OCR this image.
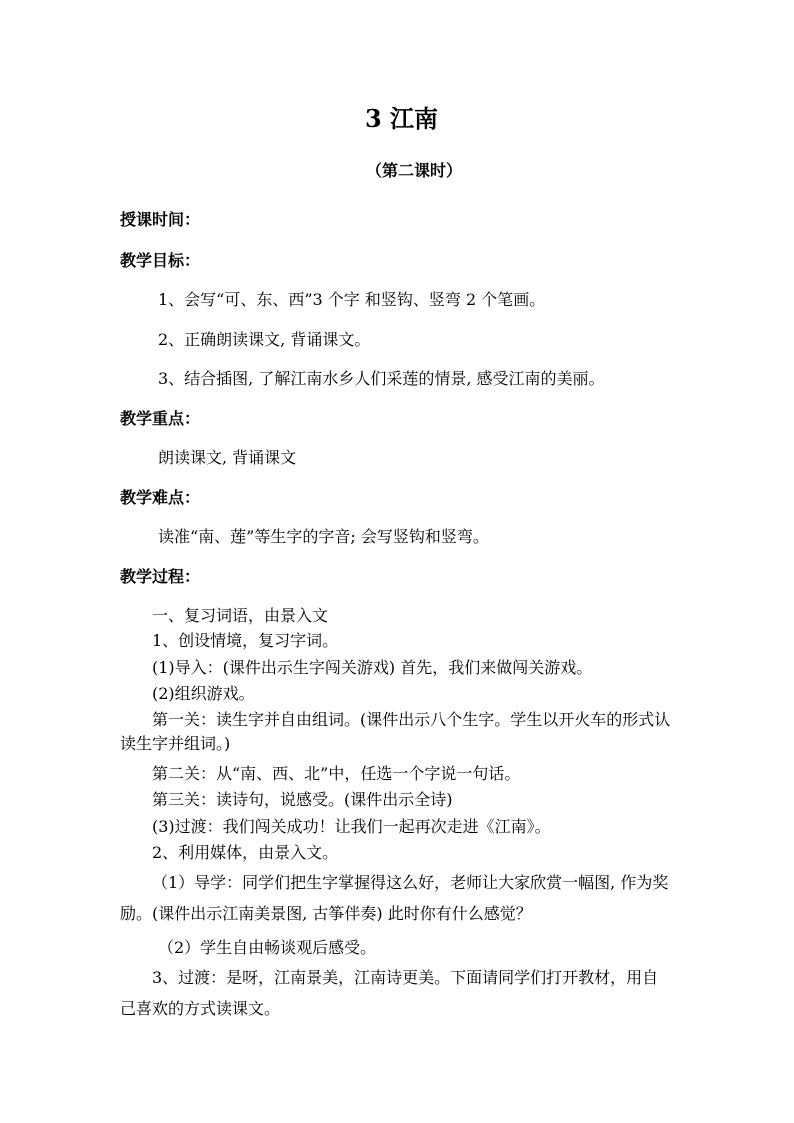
3 江南
（第二课时）
授课时间：
教学目标：
1、会写“可、东、西”3 个字 和竖钩、竖弯 2 个笔画。
2、正确朗读课文, 背诵课文。
3、结合插图, 了解江南水乡人们采莲的情景, 感受江南的美丽。
教学重点：
朗读课文, 背诵课文
教学难点：
读准“南、莲”等生字的字音; 会写竖钩和竖弯。
教学过程：
一、复习词语，由景入文
1、创设情境，复习字词。
(1)导入：(课件出示生字闯关游戏) 首先，我们来做闯关游戏。
(2)组织游戏。
第一关：读生字并自由组词。(课件出示八个生字。学生以开火车的形式认读生字并组词。)
第二关：从“南、西、北”中，任选一个字说一句话。
第三关：读诗句，说感受。(课件出示全诗)
(3)过渡：我们闯关成功！让我们一起再次走进《江南》。
2、利用媒体，由景入文。
（1）导学：同学们把生字掌握得这么好，老师让大家欣赏一幅图, 作为奖励。(课件出示江南美景图, 古筝伴奏) 此时你有什么感觉？
（2）学生自由畅谈观后感受。
3、过渡：是呀，江南景美，江南诗更美。下面请同学们打开教材，用自己喜欢的方式读课文。
